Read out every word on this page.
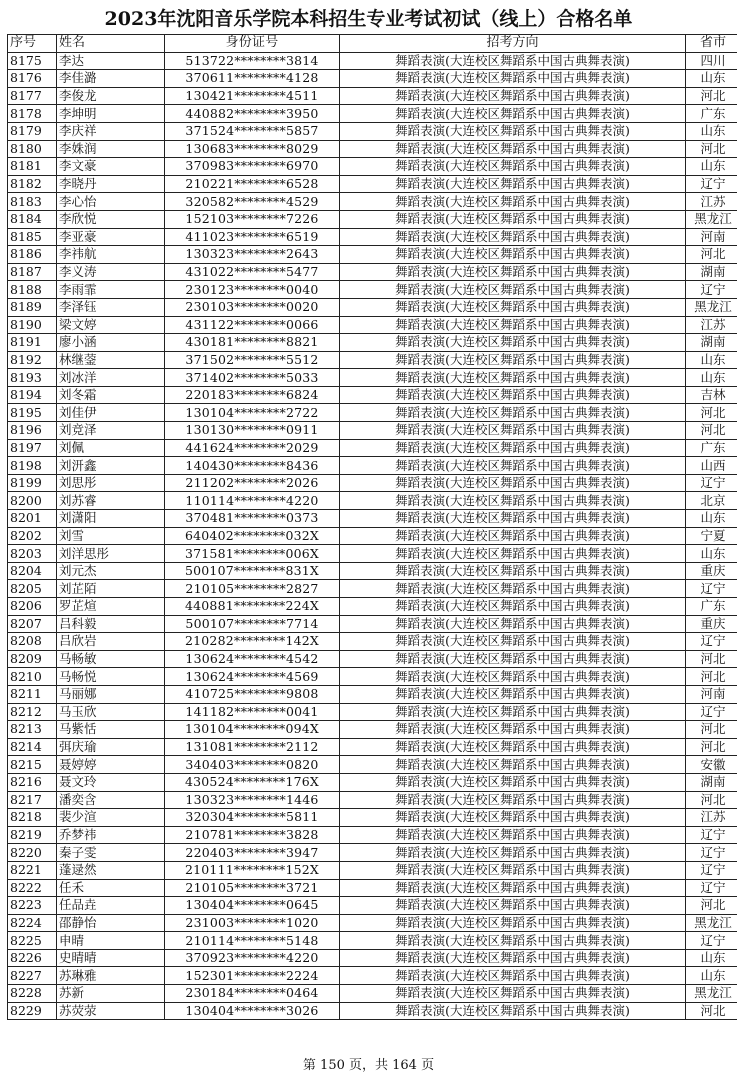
2023年沈阳音乐学院本科招生专业考试初试（线上）合格名单
序号	姓名	身份证号	招考方向	省市
8175	李达	513722********3814	舞蹈表演(大连校区舞蹈系中国古典舞表演)	四川
8176	李佳潞	370611********4128	舞蹈表演(大连校区舞蹈系中国古典舞表演)	山东
8177	李俊龙	130421********4511	舞蹈表演(大连校区舞蹈系中国古典舞表演)	河北
8178	李坤明	440882********3950	舞蹈表演(大连校区舞蹈系中国古典舞表演)	广东
8179	李庆祥	371524********5857	舞蹈表演(大连校区舞蹈系中国古典舞表演)	山东
8180	李姝润	130683********8029	舞蹈表演(大连校区舞蹈系中国古典舞表演)	河北
8181	李文豪	370983********6970	舞蹈表演(大连校区舞蹈系中国古典舞表演)	山东
8182	李晓丹	210221********6528	舞蹈表演(大连校区舞蹈系中国古典舞表演)	辽宁
8183	李心怡	320582********4529	舞蹈表演(大连校区舞蹈系中国古典舞表演)	江苏
8184	李欣悦	152103********7226	舞蹈表演(大连校区舞蹈系中国古典舞表演)	黑龙江
8185	李亚豪	411023********6519	舞蹈表演(大连校区舞蹈系中国古典舞表演)	河南
8186	李祎航	130323********2643	舞蹈表演(大连校区舞蹈系中国古典舞表演)	河北
8187	李义涛	431022********5477	舞蹈表演(大连校区舞蹈系中国古典舞表演)	湖南
8188	李雨霏	230123********0040	舞蹈表演(大连校区舞蹈系中国古典舞表演)	辽宁
8189	李泽钰	230103********0020	舞蹈表演(大连校区舞蹈系中国古典舞表演)	黑龙江
8190	梁文婷	431122********0066	舞蹈表演(大连校区舞蹈系中国古典舞表演)	江苏
8191	廖小涵	430181********8821	舞蹈表演(大连校区舞蹈系中国古典舞表演)	湖南
8192	林继蓥	371502********5512	舞蹈表演(大连校区舞蹈系中国古典舞表演)	山东
8193	刘冰洋	371402********5033	舞蹈表演(大连校区舞蹈系中国古典舞表演)	山东
8194	刘冬霜	220183********6824	舞蹈表演(大连校区舞蹈系中国古典舞表演)	吉林
8195	刘佳伊	130104********2722	舞蹈表演(大连校区舞蹈系中国古典舞表演)	河北
8196	刘竞泽	130130********0911	舞蹈表演(大连校区舞蹈系中国古典舞表演)	河北
8197	刘佩	441624********2029	舞蹈表演(大连校区舞蹈系中国古典舞表演)	广东
8198	刘汧鑫	140430********8436	舞蹈表演(大连校区舞蹈系中国古典舞表演)	山西
8199	刘思彤	211202********2026	舞蹈表演(大连校区舞蹈系中国古典舞表演)	辽宁
8200	刘苏睿	110114********4220	舞蹈表演(大连校区舞蹈系中国古典舞表演)	北京
8201	刘潇阳	370481********0373	舞蹈表演(大连校区舞蹈系中国古典舞表演)	山东
8202	刘雪	640402********032X	舞蹈表演(大连校区舞蹈系中国古典舞表演)	宁夏
8203	刘洋思彤	371581********006X	舞蹈表演(大连校区舞蹈系中国古典舞表演)	山东
8204	刘元杰	500107********831X	舞蹈表演(大连校区舞蹈系中国古典舞表演)	重庆
8205	刘芷陌	210105********2827	舞蹈表演(大连校区舞蹈系中国古典舞表演)	辽宁
8206	罗芷煊	440881********224X	舞蹈表演(大连校区舞蹈系中国古典舞表演)	广东
8207	吕科毅	500107********7714	舞蹈表演(大连校区舞蹈系中国古典舞表演)	重庆
8208	吕欣岩	210282********142X	舞蹈表演(大连校区舞蹈系中国古典舞表演)	辽宁
8209	马畅敏	130624********4542	舞蹈表演(大连校区舞蹈系中国古典舞表演)	河北
8210	马畅悦	130624********4569	舞蹈表演(大连校区舞蹈系中国古典舞表演)	河北
8211	马丽娜	410725********9808	舞蹈表演(大连校区舞蹈系中国古典舞表演)	河南
8212	马玉欣	141182********0041	舞蹈表演(大连校区舞蹈系中国古典舞表演)	辽宁
8213	马紫恬	130104********094X	舞蹈表演(大连校区舞蹈系中国古典舞表演)	河北
8214	弭庆瑜	131081********2112	舞蹈表演(大连校区舞蹈系中国古典舞表演)	河北
8215	聂婷婷	340403********0820	舞蹈表演(大连校区舞蹈系中国古典舞表演)	安徽
8216	聂文玲	430524********176X	舞蹈表演(大连校区舞蹈系中国古典舞表演)	湖南
8217	潘奕含	130323********1446	舞蹈表演(大连校区舞蹈系中国古典舞表演)	河北
8218	裴少渲	320304********5811	舞蹈表演(大连校区舞蹈系中国古典舞表演)	江苏
8219	乔梦祎	210781********3828	舞蹈表演(大连校区舞蹈系中国古典舞表演)	辽宁
8220	秦子雯	220403********3947	舞蹈表演(大连校区舞蹈系中国古典舞表演)	辽宁
8221	蓬逯然	210111********152X	舞蹈表演(大连校区舞蹈系中国古典舞表演)	辽宁
8222	任禾	210105********3721	舞蹈表演(大连校区舞蹈系中国古典舞表演)	辽宁
8223	任品垚	130404********0645	舞蹈表演(大连校区舞蹈系中国古典舞表演)	河北
8224	邵静怡	231003********1020	舞蹈表演(大连校区舞蹈系中国古典舞表演)	黑龙江
8225	申晴	210114********5148	舞蹈表演(大连校区舞蹈系中国古典舞表演)	辽宁
8226	史晴晴	370923********4220	舞蹈表演(大连校区舞蹈系中国古典舞表演)	山东
8227	苏琳雅	152301********2224	舞蹈表演(大连校区舞蹈系中国古典舞表演)	山东
8228	苏新	230184********0464	舞蹈表演(大连校区舞蹈系中国古典舞表演)	黑龙江
8229	苏荧荥	130404********3026	舞蹈表演(大连校区舞蹈系中国古典舞表演)	河北
第 150 页，共 164 页
